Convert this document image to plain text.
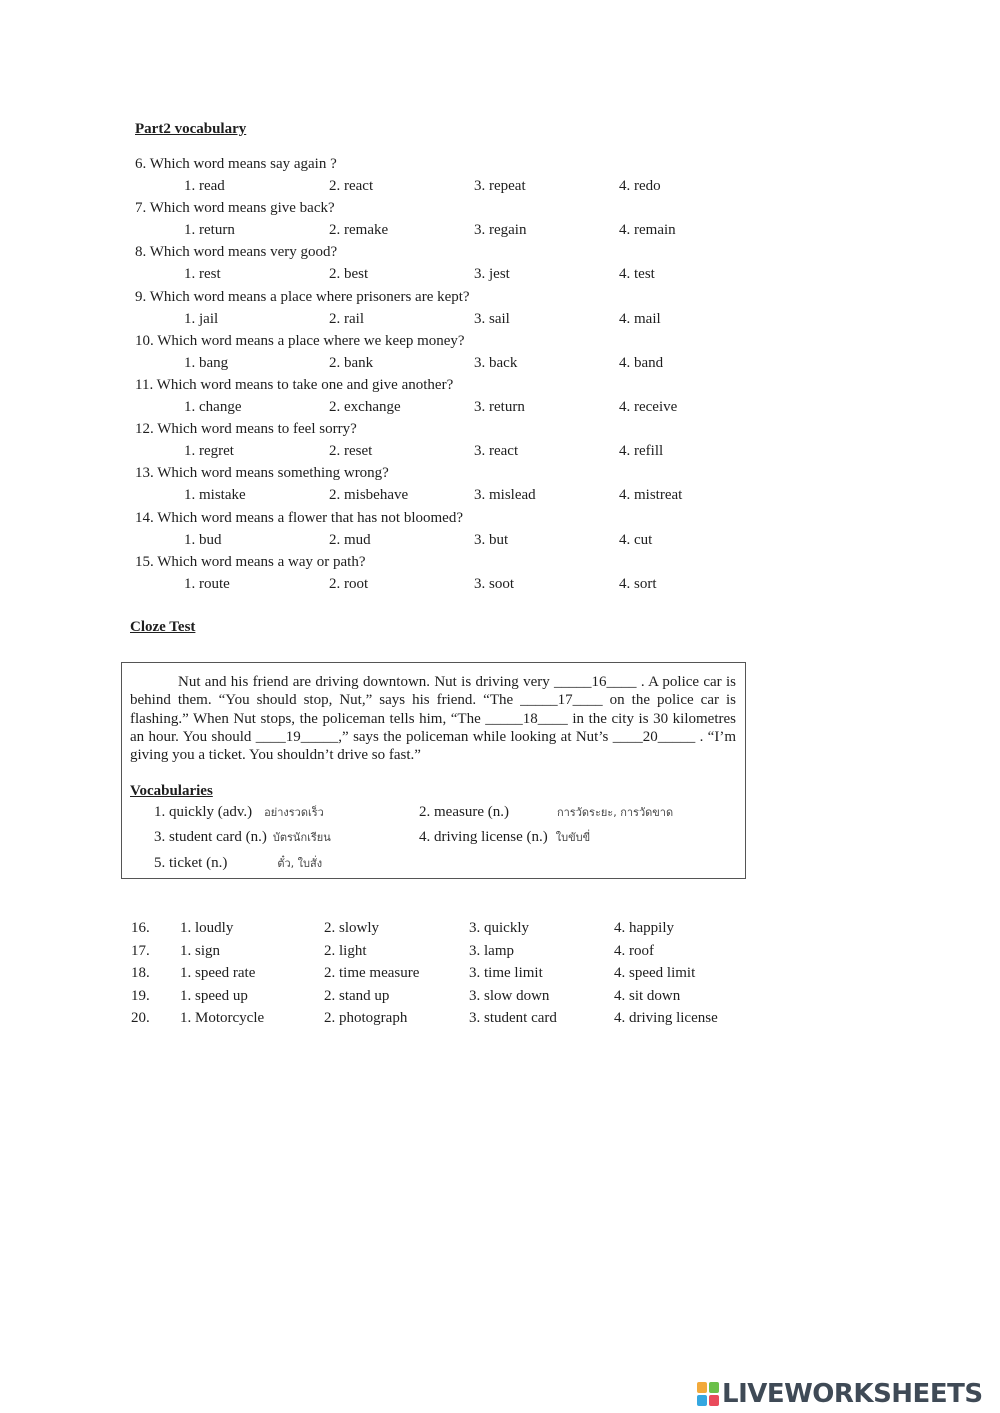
Part2 vocabulary
6. Which word means say again ?
1. read	2. react	3. repeat	4. redo
7. Which word means give back?
1. return	2. remake	3. regain	4. remain
8. Which word means very good?
1. rest	2. best	3. jest	4. test
9. Which word means a place where prisoners are kept?
1. jail	2. rail	3. sail	4. mail
10. Which word means a place where we keep money?
1. bang	2. bank	3. back	4. band
11. Which word means to take one and give another?
1. change	2. exchange	3. return	4. receive
12. Which word means to feel sorry?
1. regret	2. reset	3. react	4. refill
13. Which word means something wrong?
1. mistake	2. misbehave	3. mislead	4. mistreat
14. Which word means a flower that has not bloomed?
1. bud	2. mud	3. but	4. cut
15. Which word means a way or path?
1. route	2. root	3. soot	4. sort
Cloze Test

Nut and his friend are driving downtown. Nut is driving very _____16____ . A police car is behind them. “You should stop, Nut,” says his friend. “The _____17____ on the police car is flashing.” When Nut stops, the policeman tells him, “The _____18____ in the city is 30 kilometres an hour. You should ____19_____,” says the policeman while looking at Nut’s ____20_____ . “I’m giving you a ticket. You shouldn’t drive so fast.”

Vocabularies
1. quickly (adv.) อย่างรวดเร็ว	2. measure (n.)	การวัดระยะ, การวัดขาด
3. student card (n.) บัตรนักเรียน	4. driving license (n.) ใบขับขี่
5. ticket (n.)	ตั๋ว, ใบสั่ง
16. 1. loudly	2. slowly	3. quickly	4. happily
17. 1. sign	2. light	3. lamp	4. roof
18. 1. speed rate	2. time measure	3. time limit	4. speed limit
19. 1. speed up	2. stand up	3. slow down	4. sit down
20. 1. Motorcycle	2. photograph	3. student card	4. driving license
LIVEWORKSHEETS
